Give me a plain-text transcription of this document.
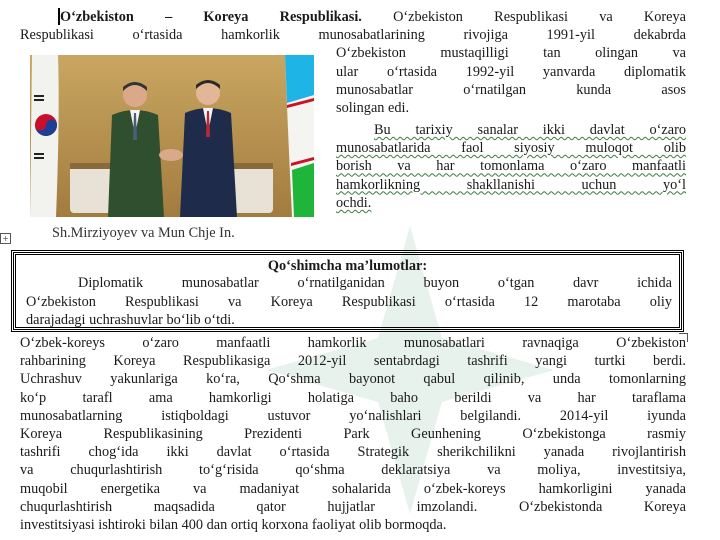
O‘zbekiston – Koreya Respublikasi. O‘zbekiston Respublikasi va Koreya
Respublikasi o‘rtasida hamkorlik munosabatlarining rivojiga 1991-yil dekabrda
O‘zbekiston mustaqilligi tan olingan va
ular o‘rtasida 1992-yil yanvarda diplomatik
munosabatlar o‘rnatilgan kunda asos
solingan edi.
Bu tarixiy sanalar ikki davlat o‘zaro
munosabatlarida faol siyosiy muloqot olib
borish va har tomonlama o‘zaro manfaatli
hamkorlikning shakllanishi uchun yo‘l
ochdi.
Sh.Mirziyoyev va Mun Chje In.
+
Qo‘shimcha ma’lumotlar:
Diplomatik munosabatlar o‘rnatilganidan buyon o‘tgan davr ichida
O‘zbekiston Respublikasi va Koreya Respublikasi o‘rtasida 12 marotaba oliy
darajadagi uchrashuvlar bo‘lib o‘tdi.
O‘zbek-koreys o‘zaro manfaatli hamkorlik munosabatlari ravnaqiga O‘zbekiston
rahbarining Koreya Respublikasiga 2012-yil sentabrdagi tashrifi yangi turtki berdi.
Uchrashuv yakunlariga ko‘ra, Qo‘shma bayonot qabul qilinib, unda tomonlarning
ko‘p tarafl ama hamkorligi holatiga baho berildi va har taraflama
munosabatlarning istiqboldagi ustuvor yo‘nalishlari belgilandi. 2014-yil iyunda
Koreya Respublikasining Prezidenti Park Geunhening O‘zbekistonga rasmiy
tashrifi chog‘ida ikki davlat o‘rtasida Strategik sherikchilikni yanada rivojlantirish
va chuqurlashtirish to‘g‘risida qo‘shma deklaratsiya va moliya, investitsiya,
muqobil energetika va madaniyat sohalarida o‘zbek-koreys hamkorligini yanada
chuqurlashtirish maqsadida qator hujjatlar imzolandi. O‘zbekistonda Koreya
investitsiyasi ishtiroki bilan 400 dan ortiq korxona faoliyat olib bormoqda.
